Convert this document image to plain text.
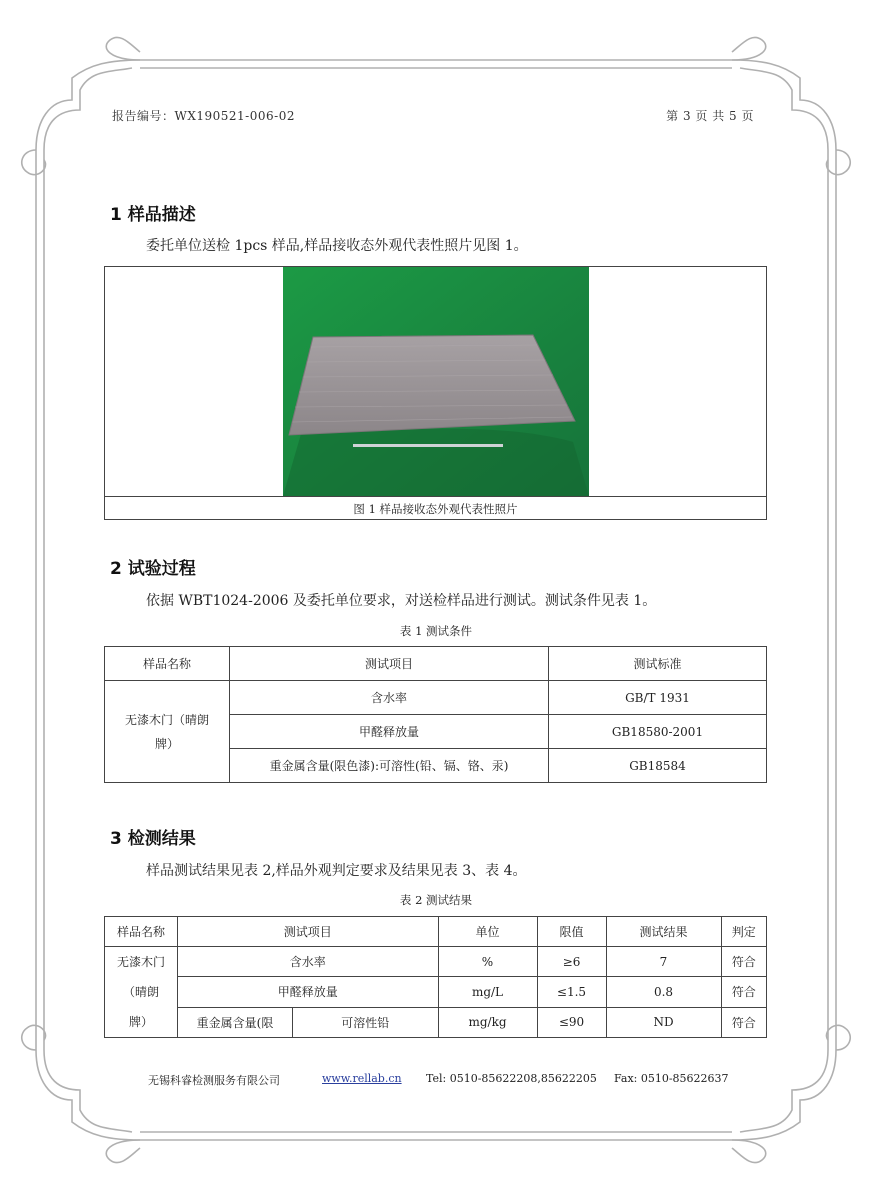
报告编号：WX190521-006-02	第 3 页 共 5 页
1 样品描述
委托单位送检 1pcs 样品,样品接收态外观代表性照片见图 1。
图 1 样品接收态外观代表性照片
2 试验过程
依据 WBT1024-2006 及委托单位要求，对送检样品进行测试。测试条件见表 1。
表 1 测试条件
样品名称	测试项目	测试标准
无漆木门（晴朗牌）	含水率	GB/T 1931
	甲醛释放量	GB18580-2001
	重金属含量(限色漆):可溶性(铅、镉、铬、汞)	GB18584
3 检测结果
样品测试结果见表 2,样品外观判定要求及结果见表 3、表 4。
表 2 测试结果
样品名称	测试项目		单位	限值	测试结果	判定

无漆木门
（晴朗
牌）	含水率		%	≥6	7	符合
	甲醛释放量		mg/L	≤1.5	0.8	符合
	重金属含量(限	可溶性铅	mg/kg	≤90	ND	符合
无锡科睿检测服务有限公司	www.rellab.cn Tel: 0510-85622208,85622205 Fax: 0510-85622637
